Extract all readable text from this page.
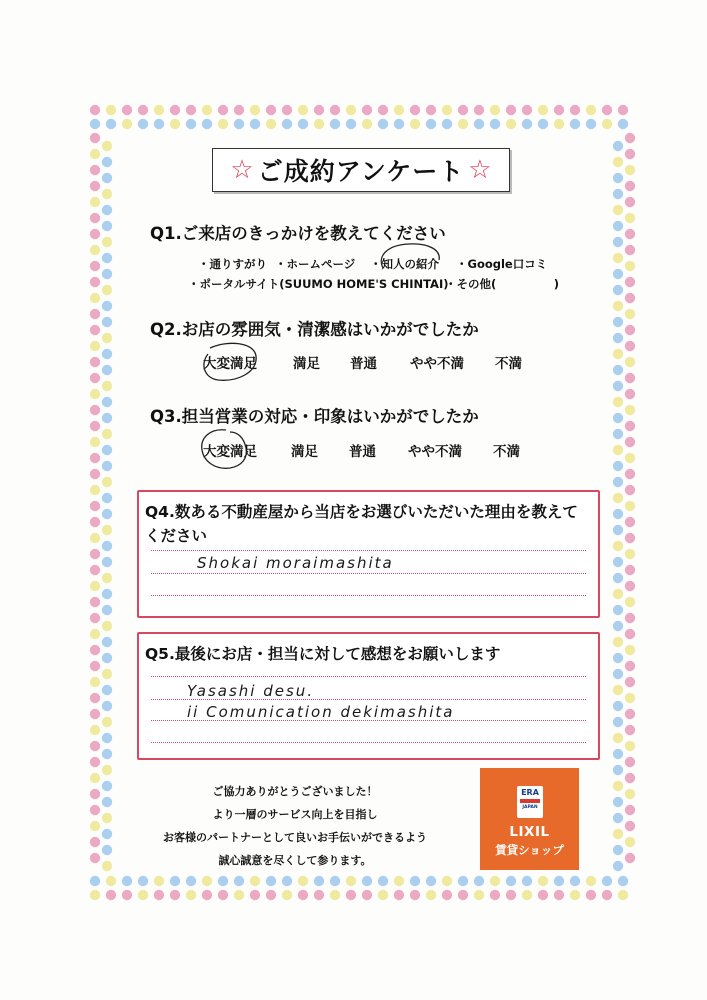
☆ ご成約アンケート ☆
Q1.ご来店のきっかけを教えてください
・通りすがり ・ホームページ ・知人の紹介 ・Google口コミ
・ポータルサイト(SUUMO HOME'S CHINTAI)
・その他(　　　　　)
Q2.お店の雰囲気・清潔感はいかがでしたか
大変満足	満足 普通 やや不満 不満
Q3.担当営業の対応・印象はいかがでしたか
大変満足	満足 普通 やや不満 不満
Q4.数ある不動産屋から当店をお選びいただいた理由を教えて
ください
Shokai moraimashita
Q5.最後にお店・担当に対して感想をお願いします
Yasashi desu.
ii Comunication dekimashita
ご協力ありがとうございました！
より一層のサービス向上を目指し
お客様のパートナーとして良いお手伝いができるよう
誠心誠意を尽くして参ります。
ERA
JAPAN
LIXIL
賃貸ショップ
